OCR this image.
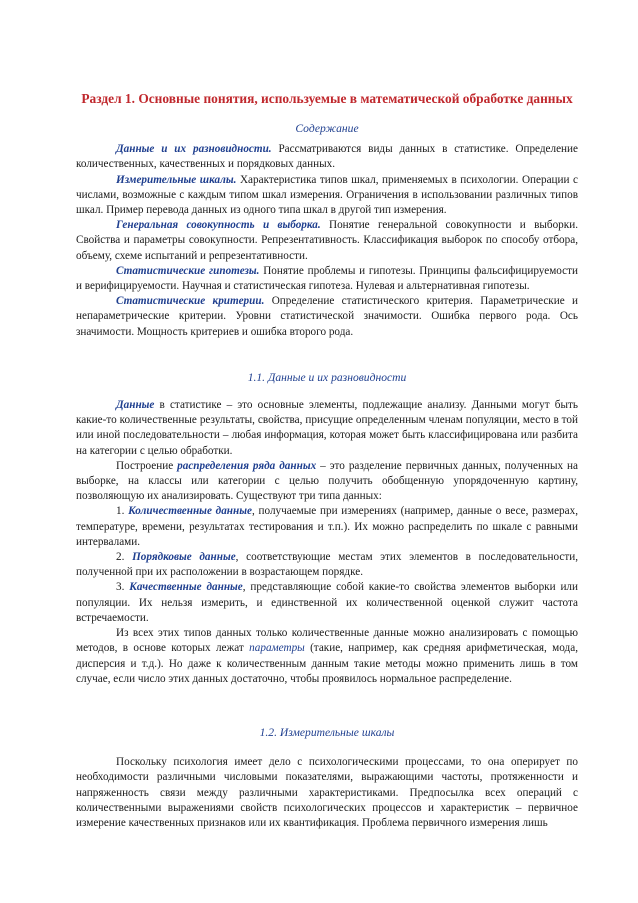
Раздел 1. Основные понятия, используемые в математической обработке данных
Содержание

Данные и их разновидности. Рассматриваются виды данных в статистике. Определение количественных, качественных и порядковых данных.

Измерительные шкалы. Характеристика типов шкал, применяемых в психологии. Операции с числами, возможные с каждым типом шкал измерения. Ограничения в использовании различных типов шкал. Пример перевода данных из одного типа шкал в другой тип измерения.

Генеральная совокупность и выборка. Понятие генеральной совокупности и выборки. Свойства и параметры совокупности. Репрезентативность. Классификация выборок по способу отбора, объему, схеме испытаний и репрезентативности.

Статистические гипотезы. Понятие проблемы и гипотезы. Принципы фальсифицируемости и верифицируемости. Научная и статистическая гипотеза. Нулевая и альтернативная гипотезы.

Статистические критерии. Определение статистического критерия. Параметрические и непараметрические критерии. Уровни статистической значимости. Ошибка первого рода. Ось значимости. Мощность критериев и ошибка второго рода.

1.1. Данные и их разновидности

Данные в статистике – это основные элементы, подлежащие анализу. Данными могут быть какие-то количественные результаты, свойства, присущие определенным членам популяции, место в той или иной последовательности – любая информация, которая может быть классифицирована или разбита на категории с целью обработки.

Построение распределения ряда данных – это разделение первичных данных, полученных на выборке, на классы или категории с целью получить обобщенную упорядоченную картину, позволяющую их анализировать. Существуют три типа данных:

1. Количественные данные, получаемые при измерениях (например, данные о весе, размерах, температуре, времени, результатах тестирования и т.п.). Их можно распределить по шкале с равными интервалами.

2. Порядковые данные, соответствующие местам этих элементов в последовательности, полученной при их расположении в возрастающем порядке.

3. Качественные данные, представляющие собой какие-то свойства элементов выборки или популяции. Их нельзя измерить, и единственной их количественной оценкой служит частота встречаемости.

Из всех этих типов данных только количественные данные можно анализировать с помощью методов, в основе которых лежат параметры (такие, например, как средняя арифметическая, мода, дисперсия и т.д.). Но даже к количественным данным такие методы можно применить лишь в том случае, если число этих данных достаточно, чтобы проявилось нормальное распределение.

1.2. Измерительные шкалы

Поскольку психология имеет дело с психологическими процессами, то она оперирует по необходимости различными числовыми показателями, выражающими частоты, протяженности и напряженность связи между различными характеристиками. Предпосылка всех операций с количественными выражениями свойств психологических процессов и характеристик – первичное измерение качественных признаков или их квантификация. Проблема первичного измерения лишь
